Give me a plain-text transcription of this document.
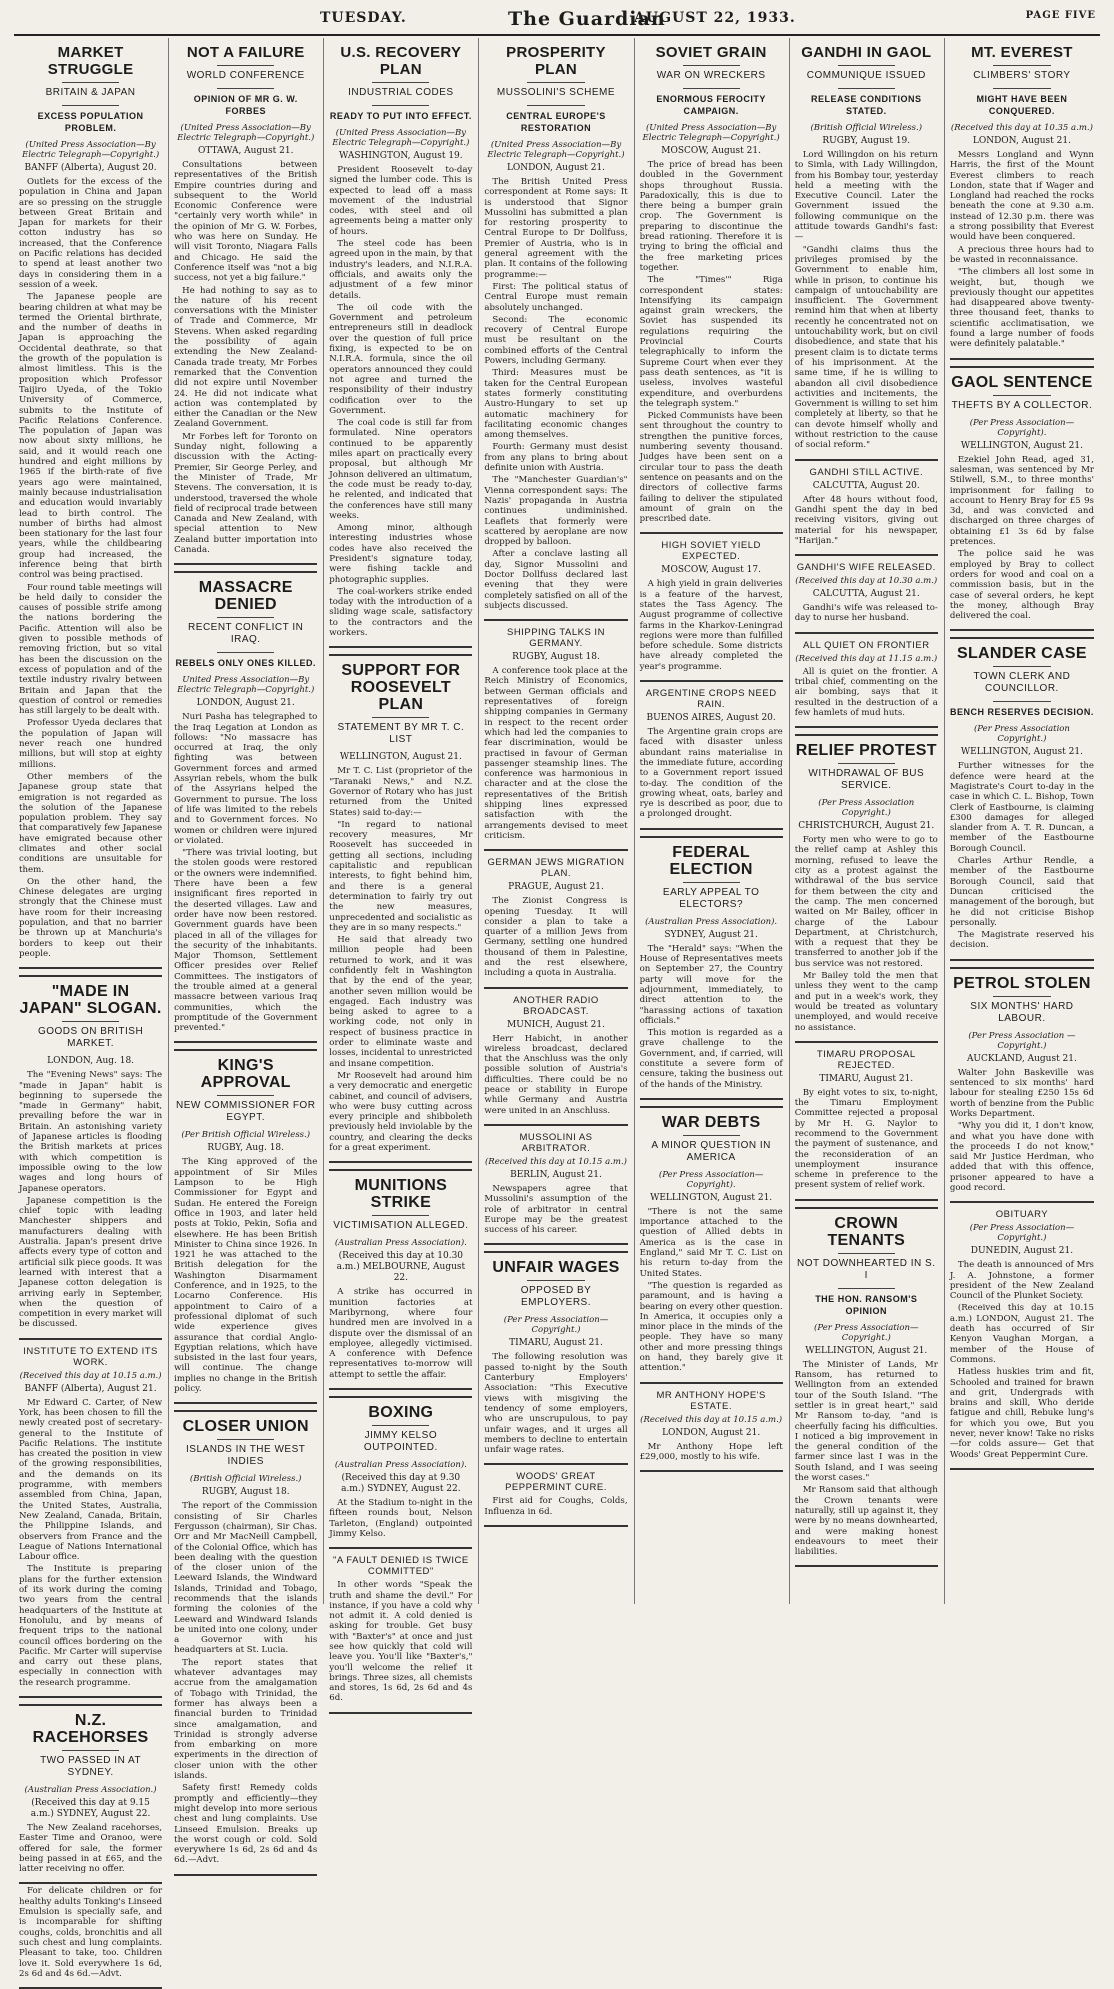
TUESDAY.	The Guardian
AUGUST 22, 1933.	PAGE FIVE
MARKET STRUGGLE
BRITAIN & JAPAN
EXCESS POPULATION PROBLEM.
(United Press Association—By Electric Telegraph—Copyright.)
BANFF (Alberta), August 20.

Outlets for the excess of the population in China and Japan are so pressing on the struggle between Great Britain and Japan for markets for their cotton industry has so increased, that the Conference on Pacific relations has decided to spend at least another two days in considering them in a session of a week.

The Japanese people are bearing children at what may be termed the Oriental birthrate, and the number of deaths in Japan is approaching the Occidental deathrate, so that the growth of the population is almost limitless. This is the proposition which Professor Taijiro Uyeda, of the Tokio University of Commerce, submits to the Institute of Pacific Relations Conference. The population of Japan was now about sixty millions, he said, and it would reach one hundred and eight millions by 1965 if the birth-rate of five years ago were maintained, mainly because industrialisation and education would invariably lead to birth control. The number of births had almost been stationary for the last four years, while the childbearing group had increased, the inference being that birth control was being practised.

Four round table meetings will be held daily to consider the causes of possible strife among the nations bordering the Pacific. Attention will also be given to possible methods of removing friction, but so vital has been the discussion on the excess of population and of the textile industry rivalry between Britain and Japan that the question of control or remedies has still largely to be dealt with.

Professor Uyeda declares that the population of Japan will never reach one hundred millions, but will stop at eighty millions.

Other members of the Japanese group state that emigration is not regarded as the solution of the Japanese population problem. They say that comparatively few Japanese have emigrated because other climates and other social conditions are unsuitable for them.

On the other hand, the Chinese delegates are urging strongly that the Chinese must have room for their increasing population, and that no barrier be thrown up at Manchuria's borders to keep out their people.

"MADE IN JAPAN" SLOGAN.
GOODS ON BRITISH MARKET.
LONDON, Aug. 18.

The "Evening News" says: The "made in Japan" habit is beginning to supersede the "made in Germany" habit, prevailing before the war in Britain. An astonishing variety of Japanese articles is flooding the British markets at prices with which competition is impossible owing to the low wages and long hours of Japanese operators.

Japanese competition is the chief topic with leading Manchester shippers and manufacturers dealing with Australia. Japan's present drive affects every type of cotton and artificial silk piece goods. It was learned with interest that a Japanese cotton delegation is arriving early in September, when the question of competition in every market will be discussed.

INSTITUTE TO EXTEND ITS WORK.
(Received this day at 10.15 a.m.)
BANFF (Alberta), August 21.

Mr Edward C. Carter, of New York, has been chosen to fill the newly created post of secretary-general to the Institute of Pacific Relations. The institute has created the position in view of the growing responsibilities, and the demands on its programme, with members assembled from China, Japan, the United States, Australia, New Zealand, Canada, Britain, the Philippine Islands, and observers from France and the League of Nations International Labour office.

The Institute is preparing plans for the further extension of its work during the coming two years from the central headquarters of the Institute at Honolulu, and by means of frequent trips to the national council offices bordering on the Pacific. Mr Carter will supervise and carry out these plans, especially in connection with the research programme.

N.Z. RACEHORSES
TWO PASSED IN AT SYDNEY.
(Australian Press Association.)
(Received this day at 9.15 a.m.) SYDNEY, August 22.

The New Zealand racehorses, Easter Time and Oranoo, were offered for sale, the former being passed in at £65, and the latter receiving no offer.

For delicate children or for healthy adults Tonking's Linseed Emulsion is specially safe, and is incomparable for shifting coughs, colds, bronchitis and all such chest and lung complaints. Pleasant to take, too. Children love it. Sold everywhere 1s 6d, 2s 6d and 4s 6d.—Advt.

NOT A FAILURE
WORLD CONFERENCE
OPINION OF MR G. W. FORBES
(United Press Association—By Electric Telegraph—Copyright.)
OTTAWA, August 21.

Consultations between representatives of the British Empire countries during and subsequent to the World Economic Conference were "certainly very worth while" in the opinion of Mr G. W. Forbes, who was here on Sunday. He will visit Toronto, Niagara Falls and Chicago. He said the Conference itself was "not a big success, not yet a big failure."

He had nothing to say as to the nature of his recent conversations with the Minister of Trade and Commerce, Mr Stevens. When asked regarding the possibility of again extending the New Zealand-Canada trade treaty, Mr Forbes remarked that the Convention did not expire until November 24. He did not indicate what action was contemplated by either the Canadian or the New Zealand Government.

Mr Forbes left for Toronto on Sunday night, following a discussion with the Acting-Premier, Sir George Perley, and the Minister of Trade, Mr Stevens. The conversation, it is understood, traversed the whole field of reciprocal trade between Canada and New Zealand, with special attention to New Zealand butter importation into Canada.

MASSACRE DENIED
RECENT CONFLICT IN IRAQ.
REBELS ONLY ONES KILLED.
United Press Association—By Electric Telegraph—Copyright.)
LONDON, August 21.

Nuri Pasha has telegraphed to the Iraq Legation at London as follows: "No massacre has occurred at Iraq, the only fighting was between Government forces and armed Assyrian rebels, whom the bulk of the Assyrians helped the Government to pursue. The loss of life was limited to the rebels and to Government forces. No women or children were injured or violated.

"There was trivial looting, but the stolen goods were restored or the owners were indemnified. There have been a few insignificant fires reported in the deserted villages. Law and order have now been restored. Government guards have been placed in all of the villages for the security of the inhabitants. Major Thomson, Settlement Officer presides over Relief Committees. The instigators of the trouble aimed at a general massacre between various Iraq communities, which the promptitude of the Government prevented."

KING'S APPROVAL
NEW COMMISSIONER FOR EGYPT.
(Per British Official Wireless.)
RUGBY, Aug. 18.

The King approved of the appointment of Sir Miles Lampson to be High Commissioner for Egypt and Sudan. He entered the Foreign Office in 1903, and later held posts at Tokio, Pekin, Sofia and elsewhere. He has been British Minister to China since 1926. In 1921 he was attached to the British delegation for the Washington Disarmament Conference, and in 1925, to the Locarno Conference. His appointment to Cairo of a professional diplomat of such wide experience gives assurance that cordial Anglo-Egyptian relations, which have subsisted in the last four years, will continue. The change implies no change in the British policy.

CLOSER UNION
ISLANDS IN THE WEST INDIES
(British Official Wireless.)
RUGBY, August 18.

The report of the Commission consisting of Sir Charles Fergusson (chairman), Sir Chas. Orr and Mr MacNeill Campbell, of the Colonial Office, which has been dealing with the question of the closer union of the Leeward Islands, the Windward Islands, Trinidad and Tobago, recommends that the islands forming the colonies of the Leeward and Windward Islands be united into one colony, under a Governor with his headquarters at St. Lucia.

The report states that whatever advantages may accrue from the amalgamation of Tobago with Trinidad, the former has always been a financial burden to Trinidad since amalgamation, and Trinidad is strongly adverse from embarking on more experiments in the direction of closer union with the other islands.

Safety first! Remedy colds promptly and efficiently—they might develop into more serious chest and lung complaints. Use Linseed Emulsion. Breaks up the worst cough or cold. Sold everywhere 1s 6d, 2s 6d and 4s 6d.—Advt.

U.S. RECOVERY PLAN
INDUSTRIAL CODES
READY TO PUT INTO EFFECT.
(United Press Association—By Electric Telegraph—Copyright.)
WASHINGTON, August 19.

President Roosevelt to-day signed the lumber code. This is expected to lead off a mass movement of the industrial codes, with steel and oil agreements being a matter only of hours.

The steel code has been agreed upon in the main, by that industry's leaders, and N.I.R.A. officials, and awaits only the adjustment of a few minor details.

The oil code with the Government and petroleum entrepreneurs still in deadlock over the question of full price fixing, is expected to be on N.I.R.A. formula, since the oil operators announced they could not agree and turned the responsibility of their industry codification over to the Government.

The coal code is still far from formulated. Nine operators continued to be apparently miles apart on practically every proposal, but although Mr Johnson delivered an ultimatum, the code must be ready to-day, he relented, and indicated that the conferences have still many weeks.

Among minor, although interesting industries whose codes have also received the President's signature today, were fishing tackle and photographic supplies.

The coal-workers strike ended today with the introduction of a sliding wage scale, satisfactory to the contractors and the workers.

SUPPORT FOR ROOSEVELT PLAN
STATEMENT BY MR T. C. LIST
WELLINGTON, August 21.

Mr T. C. List (proprietor of the "Taranaki News," and N.Z. Governor of Rotary who has just returned from the United States) said to-day:—

"In regard to national recovery measures, Mr Roosevelt has succeeded in getting all sections, including capitalistic and republican interests, to fight behind him, and there is a general determination to fairly try out the new measures, unprecedented and socialistic as they are in so many respects."

He said that already two million people had been returned to work, and it was confidently felt in Washington that by the end of the year, another seven million would be engaged. Each industry was being asked to agree to a working code, not only in respect of business practice in order to eliminate waste and losses, incidental to unrestricted and insane competition.

Mr Roosevelt had around him a very democratic and energetic cabinet, and council of advisers, who were busy cutting across every principle and shibboleth previously held inviolable by the country, and clearing the decks for a great experiment.

MUNITIONS STRIKE
VICTIMISATION ALLEGED.
(Australian Press Association).
(Received this day at 10.30 a.m.) MELBOURNE, August 22.

A strike has occurred in munition factories at Maribyrnong, where four hundred men are involved in a dispute over the dismissal of an employee, allegedly victimised. A conference with Defence representatives to-morrow will attempt to settle the affair.

BOXING
JIMMY KELSO OUTPOINTED.
(Australian Press Association).
(Received this day at 9.30 a.m.) SYDNEY, August 22.

At the Stadium to-night in the fifteen rounds bout, Nelson Tarleton, (England) outpointed Jimmy Kelso.

"A FAULT DENIED IS TWICE COMMITTED"

In other words "Speak the truth and shame the devil." For instance, if you have a cold why not admit it. A cold denied is asking for trouble. Get busy with "Baxter's" at once and just see how quickly that cold will leave you. You'll like "Baxter's," you'll welcome the relief it brings. Three sizes, all chemists and stores, 1s 6d, 2s 6d and 4s 6d.

PROSPERITY PLAN
MUSSOLINI'S SCHEME
CENTRAL EUROPE'S RESTORATION
(United Press Association—By Electric Telegraph—Copyright.)
LONDON, August 21.

The British United Press correspondent at Rome says: It is understood that Signor Mussolini has submitted a plan for restoring prosperity to Central Europe to Dr Dollfuss, Premier of Austria, who is in general agreement with the plan. It contains of the following programme:—

First: The political status of Central Europe must remain absolutely unchanged.

Second: The economic recovery of Central Europe must be resultant on the combined efforts of the Central Powers, including Germany.

Third: Measures must be taken for the Central European states formerly constituting Austro-Hungary to set up automatic machinery for facilitating economic changes among themselves.

Fourth: Germany must desist from any plans to bring about definite union with Austria.

The "Manchester Guardian's" Vienna correspondent says: The Nazis' propaganda in Austria continues undiminished. Leaflets that formerly were scattered by aeroplane are now dropped by balloon.

After a conclave lasting all day, Signor Mussolini and Doctor Dollfuss declared last evening that they were completely satisfied on all of the subjects discussed.

SHIPPING TALKS IN GERMANY.
RUGBY, August 18.

A conference took place at the Reich Ministry of Economics, between German officials and representatives of foreign shipping companies in Germany in respect to the recent order which had led the companies to fear discrimination, would be practised in favour of German passenger steamship lines. The conference was harmonious in character and at the close the representatives of the British shipping lines expressed satisfaction with the arrangements devised to meet criticism.

GERMAN JEWS MIGRATION PLAN.
PRAGUE, August 21.

The Zionist Congress is opening Tuesday. It will consider a plan to take a quarter of a million Jews from Germany, settling one hundred thousand of them in Palestine, and the rest elsewhere, including a quota in Australia.

ANOTHER RADIO BROADCAST.
MUNICH, August 21.

Herr Habicht, in another wireless broadcast, declared that the Anschluss was the only possible solution of Austria's difficulties. There could be no peace or stability in Europe while Germany and Austria were united in an Anschluss.

MUSSOLINI AS ARBITRATOR.
(Received this day at 10.15 a.m.)
BERLIN, August 21.

Newspapers agree that Mussolini's assumption of the role of arbitrator in central Europe may be the greatest success of his career.

UNFAIR WAGES
OPPOSED BY EMPLOYERS.
(Per Press Association—Copyright.)
TIMARU, August 21.

The following resolution was passed to-night by the South Canterbury Employers' Association: "This Executive views with misgiving the tendency of some employers, who are unscrupulous, to pay unfair wages, and it urges all members to decline to entertain unfair wage rates.

WOODS' GREAT PEPPERMINT CURE.

First aid for Coughs, Colds, Influenza in 6d.

SOVIET GRAIN
WAR ON WRECKERS
ENORMOUS FEROCITY CAMPAIGN.
(United Press Association—By Electric Telegraph—Copyright.)
MOSCOW, August 21.

The price of bread has been doubled in the Government shops throughout Russia. Paradoxically, this is due to there being a bumper grain crop. The Government is preparing to discontinue the bread rationing. Therefore it is trying to bring the official and the free marketing prices together.

The "Times'" Riga correspondent states: Intensifying its campaign against grain wreckers, the Soviet has suspended its regulations requiring the Provincial Courts telegraphically to inform the Supreme Court when ever they pass death sentences, as "it is useless, involves wasteful expenditure, and overburdens the telegraph system."

Picked Communists have been sent throughout the country to strengthen the punitive forces, numbering seventy thousand. Judges have been sent on a circular tour to pass the death sentence on peasants and on the directors of collective farms failing to deliver the stipulated amount of grain on the prescribed date.

HIGH SOVIET YIELD EXPECTED.
MOSCOW, August 17.

A high yield in grain deliveries is a feature of the harvest, states the Tass Agency. The August programme of collective farms in the Kharkov-Leningrad regions were more than fulfilled before schedule. Some districts have already completed the year's programme.

ARGENTINE CROPS NEED RAIN.
BUENOS AIRES, August 20.

The Argentine grain crops are faced with disaster unless abundant rains materialise in the immediate future, according to a Government report issued to-day. The condition of the growing wheat, oats, barley and rye is described as poor, due to a prolonged drought.

FEDERAL ELECTION
EARLY APPEAL TO ELECTORS?
(Australian Press Association).
SYDNEY, August 21.

The "Herald" says: "When the House of Representatives meets on September 27, the Country party will move for the adjournment, immediately, to direct attention to the "harassing actions of taxation officials."

This motion is regarded as a grave challenge to the Government, and, if carried, will constitute a severe form of censure, taking the business out of the hands of the Ministry.

WAR DEBTS
A MINOR QUESTION IN AMERICA
(Per Press Association—Copyright).
WELLINGTON, August 21.

"There is not the same importance attached to the question of Allied debts in America as is the case in England," said Mr T. C. List on his return to-day from the United States.

"The question is regarded as paramount, and is having a bearing on every other question. In America, it occupies only a minor place in the minds of the people. They have so many other and more pressing things on hand, they barely give it attention."

MR ANTHONY HOPE'S ESTATE.
(Received this day at 10.15 a.m.)
LONDON, August 21.

Mr Anthony Hope left £29,000, mostly to his wife.

GANDHI IN GAOL
COMMUNIQUE ISSUED
RELEASE CONDITIONS STATED.
(British Official Wireless.)
RUGBY, August 19.

Lord Willingdon on his return to Simla, with Lady Willingdon, from his Bombay tour, yesterday held a meeting with the Executive Council. Later the Government issued the following communique on the attitude towards Gandhi's fast:—

"Gandhi claims thus the privileges promised by the Government to enable him, while in prison, to continue his campaign of untouchability are insufficient. The Government remind him that when at liberty recently he concentrated not on untouchability work, but on civil disobedience, and state that his present claim is to dictate terms of his imprisonment. At the same time, if he is willing to abandon all civil disobedience activities and incitements, the Government is willing to set him completely at liberty, so that he can devote himself wholly and without restriction to the cause of social reform."

GANDHI STILL ACTIVE.
CALCUTTA, August 20.

After 48 hours without food, Gandhi spent the day in bed receiving visitors, giving out material for his newspaper, "Harijan."

GANDHI'S WIFE RELEASED.
(Received this day at 10.30 a.m.)
CALCUTTA, August 21.

Gandhi's wife was released to-day to nurse her husband.

ALL QUIET ON FRONTIER
(Received this day at 11.15 a.m.)

All is quiet on the frontier. A tribal chief, commenting on the air bombing, says that it resulted in the destruction of a few hamlets of mud huts.

RELIEF PROTEST
WITHDRAWAL OF BUS SERVICE.
(Per Press Association Copyright.)
CHRISTCHURCH, August 21.

Forty men who were to go to the relief camp at Ashley this morning, refused to leave the city as a protest against the withdrawal of the bus service for them between the city and the camp. The men concerned waited on Mr Bailey, officer in charge of the Labour Department, at Christchurch, with a request that they be transferred to another job if the bus service was not restored.

Mr Bailey told the men that unless they went to the camp and put in a week's work, they would be treated as voluntary unemployed, and would receive no assistance.

TIMARU PROPOSAL REJECTED.
TIMARU, August 21.

By eight votes to six, to-night, the Timaru Employment Committee rejected a proposal by Mr H. G. Naylor to recommend to the Government the payment of sustenance, and the reconsideration of an unemployment insurance scheme in preference to the present system of relief work.

CROWN TENANTS
NOT DOWNHEARTED IN S. I
THE HON. RANSOM'S OPINION
(Per Press Association—Copyright.)
WELLINGTON, August 21.

The Minister of Lands, Mr Ransom, has returned to Wellington from an extended tour of the South Island. "The settler is in great heart," said Mr Ransom to-day, "and is cheerfully facing his difficulties. I noticed a big improvement in the general condition of the farmer since last I was in the South Island, and I was seeing the worst cases."

Mr Ransom said that although the Crown tenants were naturally, still up against it, they were by no means downhearted, and were making honest endeavours to meet their liabilities.

MT. EVEREST
CLIMBERS' STORY
MIGHT HAVE BEEN CONQUERED.
(Received this day at 10.35 a.m.)
LONDON, August 21.

Messrs Longland and Wynn Harris, the first of the Mount Everest climbers to reach London, state that if Wager and Longland had reached the rocks beneath the cone at 9.30 a.m. instead of 12.30 p.m. there was a strong possibility that Everest would have been conquered.

A precious three hours had to be wasted in reconnaissance.

"The climbers all lost some in weight, but, though we previously thought our appetites had disappeared above twenty-three thousand feet, thanks to scientific acclimatisation, we found a large number of foods were definitely palatable."

GAOL SENTENCE
THEFTS BY A COLLECTOR.
(Per Press Association—Copyright).
WELLINGTON, August 21.

Ezekiel John Read, aged 31, salesman, was sentenced by Mr Stilwell, S.M., to three months' imprisonment for failing to account to Henry Bray for £5 9s 3d, and was convicted and discharged on three charges of obtaining £1 3s 6d by false pretences.

The police said he was employed by Bray to collect orders for wood and coal on a commission basis, but in the case of several orders, he kept the money, although Bray delivered the coal.

SLANDER CASE
TOWN CLERK AND COUNCILLOR.
BENCH RESERVES DECISION.
(Per Press Association Copyright.)
WELLINGTON, August 21.

Further witnesses for the defence were heard at the Magistrate's Court to-day in the case in which C. L. Bishop, Town Clerk of Eastbourne, is claiming £300 damages for alleged slander from A. T. R. Duncan, a member of the Eastbourne Borough Council.

Charles Arthur Rendle, a member of the Eastbourne Borough Council, said that Duncan criticised the management of the borough, but he did not criticise Bishop personally.

The Magistrate reserved his decision.

PETROL STOLEN
SIX MONTHS' HARD LABOUR.
(Per Press Association — Copyright.)
AUCKLAND, August 21.

Walter John Baskeville was sentenced to six months' hard labour for stealing £250 15s 6d worth of benzine from the Public Works Department.

"Why you did it, I don't know, and what you have done with the proceeds I do not know," said Mr Justice Herdman, who added that with this offence, prisoner appeared to have a good record.

OBITUARY
(Per Press Association—Copyright.)
DUNEDIN, August 21.

The death is announced of Mrs J. A. Johnstone, a former president of the New Zealand Council of the Plunket Society.

(Received this day at 10.15 a.m.) LONDON, August 21. The death has occurred of Sir Kenyon Vaughan Morgan, a member of the House of Commons.

Hatless huskies trim and fit, Schooled and trained for brawn and grit, Undergrads with brains and skill, Who deride fatigue and chill, Rebuke lung's for which you owe, But you never, never know! Take no risks—for colds assure— Get that Woods' Great Peppermint Cure.
